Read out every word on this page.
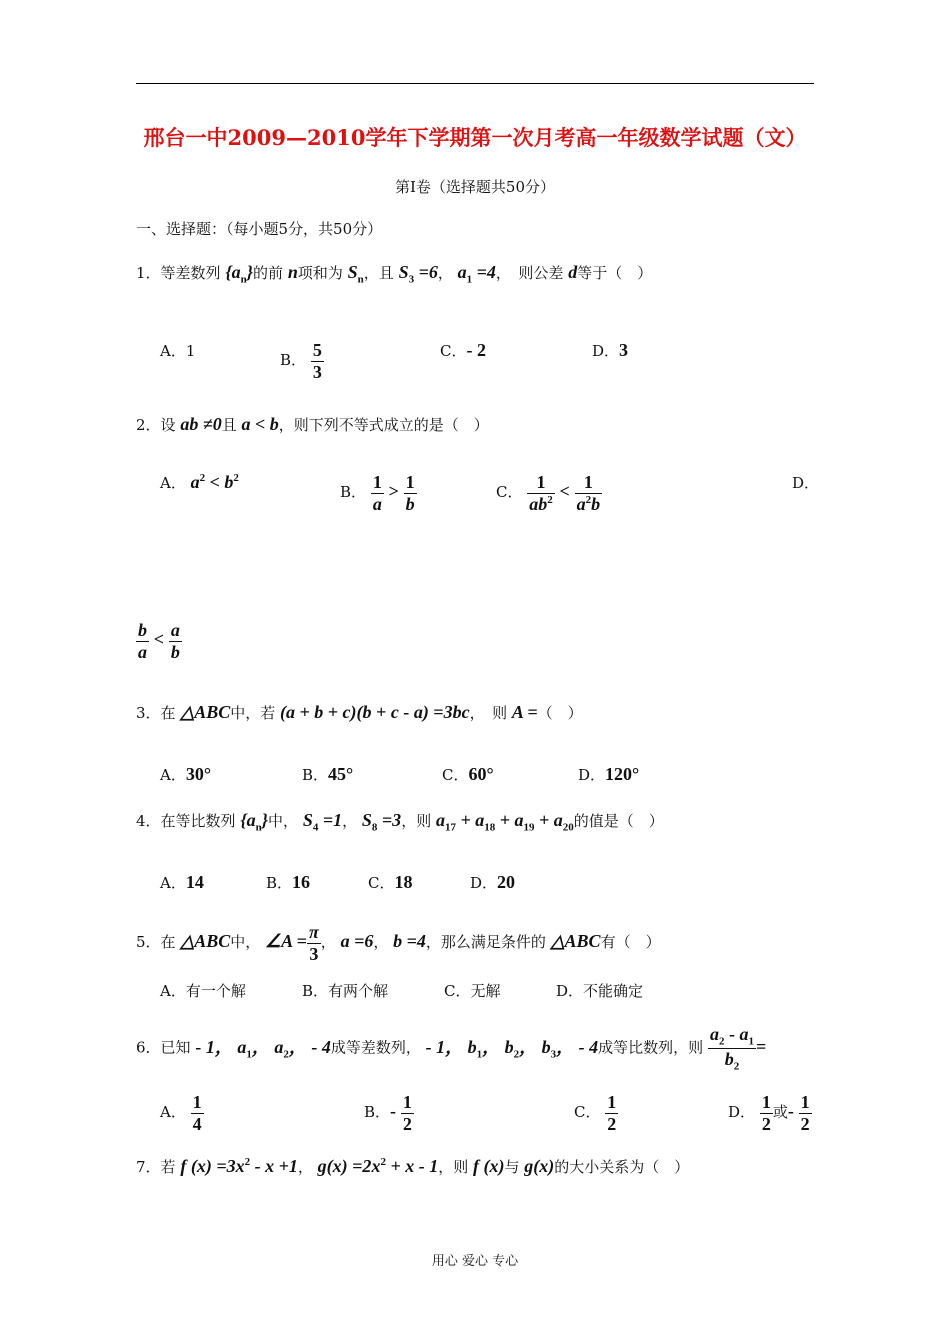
邢台一中2009—2010学年下学期第一次月考高一年级数学试题（文）
第Ⅰ卷（选择题共50分）
一、选择题：（每小题5分，共50分）
1．等差数列 $\{a_n\}$的前 n项和为 $S_n$，且 $S_3 =6$， $a_1 =4$，　则公差 d等于（　）
A．1
B． $\frac{5}{3}$	C．- 2	D．3
2．设 ab ≠0且 a < b，则下列不等式成立的是（　）
A． $a^2 < b^2$
B． $\frac{1}{a} > \frac{1}{b}$	C． $\frac{1}{ab^2} < \frac{1}{a^2b}$	D．
$\frac{b}{a} < \frac{a}{b}$
3．在 △ABC中，若 (a + b + c)(b + c - a) =3bc，　则 A =（　）
A．30°	B．45°	C．60°	D．120°
4．在等比数列 $\{a_n\}$中， $S_4 =1$， $S_8 =3$，则 $a_{17} + a_{18} + a_{19} + a_{20}$的值是（　）
A．14	B．16	C．18	D．20
5．在 △ABC中， ∠A = $\frac{\pi}{3}$ ， a =6， b =4，那么满足条件的 △ABC有（　）
A．有一个解	B．有两个解	C．无解	D．不能确定
6．已知 - 1， $a_1$， $a_2$， - 4成等差数列， - 1， $b_1$， $b_2$， $b_3$， - 4成等比数列，则 $\frac{a_2 - a_1}{b_2}$ =
A． $\frac{1}{4}$	B．- $\frac{1}{2}$	C． $\frac{1}{2}$	D． $\frac{1}{2}$ 或- $\frac{1}{2}$
7．若 f $(x) =3x^2 - x +1$， $g(x) =2x^2 + x - 1$，则 f (x)与 g(x)的大小关系为（　）
用心 爱心 专心
